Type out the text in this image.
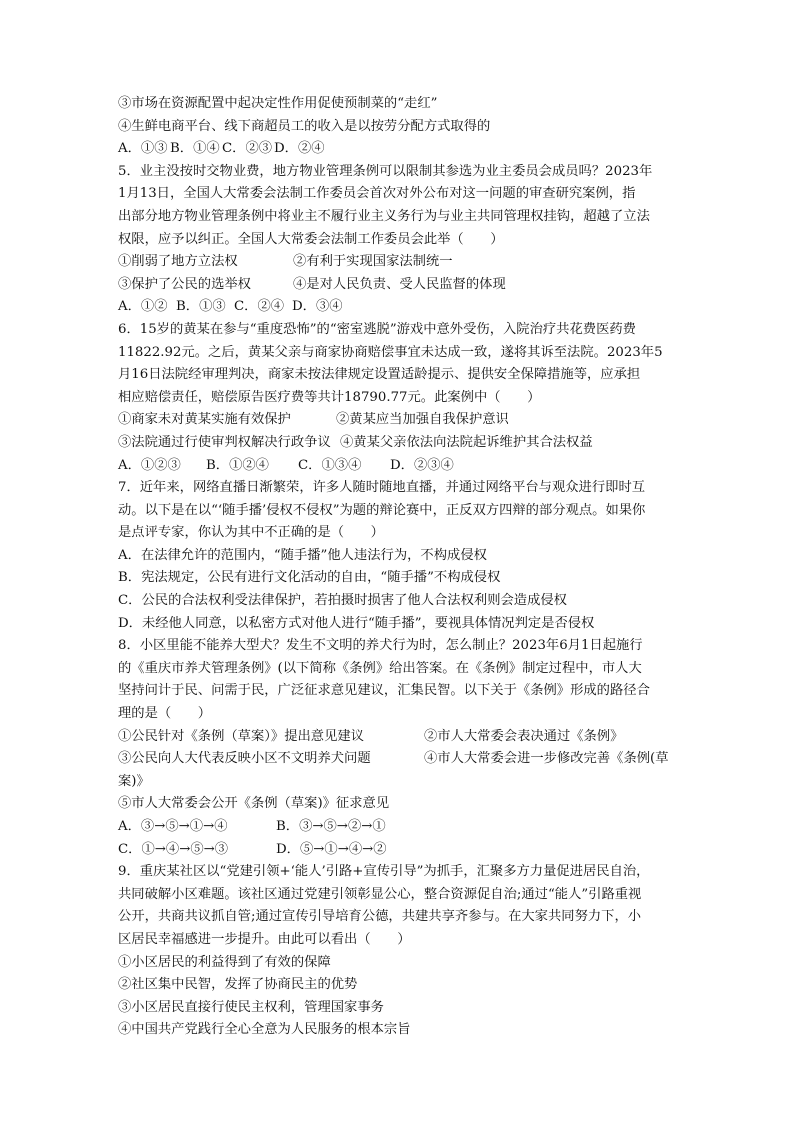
③市场在资源配置中起决定性作用促使预制菜的“走红”
④生鲜电商平台、线下商超员工的收入是以按劳分配方式取得的
A．①③ B．①④ C．②③ D．②④
5．业主没按时交物业费，地方物业管理条例可以限制其参选为业主委员会成员吗？2023年
1月13日，全国人大常委会法制工作委员会首次对外公布对这一问题的审查研究案例，指
出部分地方物业管理条例中将业主不履行业主义务行为与业主共同管理权挂钩，超越了立法
权限，应予以纠正。全国人大常委会法制工作委员会此举（　　）
①削弱了地方立法权	②有利于实现国家法制统一
③保护了公民的选举权	④是对人民负责、受人民监督的体现
A．①② B．①③ C．②④ D．③④
6．15岁的黄某在参与“重度恐怖”的“密室逃脱”游戏中意外受伤，入院治疗共花费医药费
11822.92元。之后，黄某父亲与商家协商赔偿事宜未达成一致，遂将其诉至法院。2023年5
月16日法院经审理判决，商家未按法律规定设置适龄提示、提供安全保障措施等，应承担
相应赔偿责任，赔偿原告医疗费等共计18790.77元。此案例中（　　）
①商家未对黄某实施有效保护	②黄某应当加强自我保护意识
③法院通过行使审判权解决行政争议 ④黄某父亲依法向法院起诉维护其合法权益
A．①②③	B．①②④	C．①③④	D．②③④
7．近年来，网络直播日渐繁荣，许多人随时随地直播，并通过网络平台与观众进行即时互
动。以下是在以“‘随手播’侵权不侵权”为题的辩论赛中，正反双方四辩的部分观点。如果你
是点评专家，你认为其中不正确的是（　　）
A．在法律允许的范围内，“随手播”他人违法行为，不构成侵权
B．宪法规定，公民有进行文化活动的自由，“随手播”不构成侵权
C．公民的合法权利受法律保护，若拍摄时损害了他人合法权利则会造成侵权
D．未经他人同意，以私密方式对他人进行“随手播”，要视具体情况判定是否侵权
8．小区里能不能养大型犬？发生不文明的养犬行为时，怎么制止？2023年6月1日起施行
的《重庆市养犬管理条例》(以下简称《条例》给出答案。在《条例》制定过程中，市人大
坚持问计于民、问需于民，广泛征求意见建议，汇集民智。以下关于《条例》形成的路径合
理的是（　　）
①公民针对《条例（草案）》提出意见建议	②市人大常委会表决通过《条例》
③公民向人大代表反映小区不文明养犬问题	④市人大常委会进一步修改完善《条例(草
案)》
⑤市人大常委会公开《条例（草案)》征求意见
A．③→⑤→①→④	B．③→⑤→②→①
C．①→④→⑤→③	D．⑤→①→④→②
9．重庆某社区以“党建引领+‘能人’引路+宣传引导”为抓手，汇聚多方力量促进居民自治，
共同破解小区难题。该社区通过党建引领彰显公心，整合资源促自治;通过“能人”引路重视
公开，共商共议抓自管;通过宣传引导培育公德，共建共享齐参与。在大家共同努力下，小
区居民幸福感进一步提升。由此可以看出（　　）
①小区居民的利益得到了有效的保障
②社区集中民智，发挥了协商民主的优势
③小区居民直接行使民主权利，管理国家事务
④中国共产党践行全心全意为人民服务的根本宗旨
